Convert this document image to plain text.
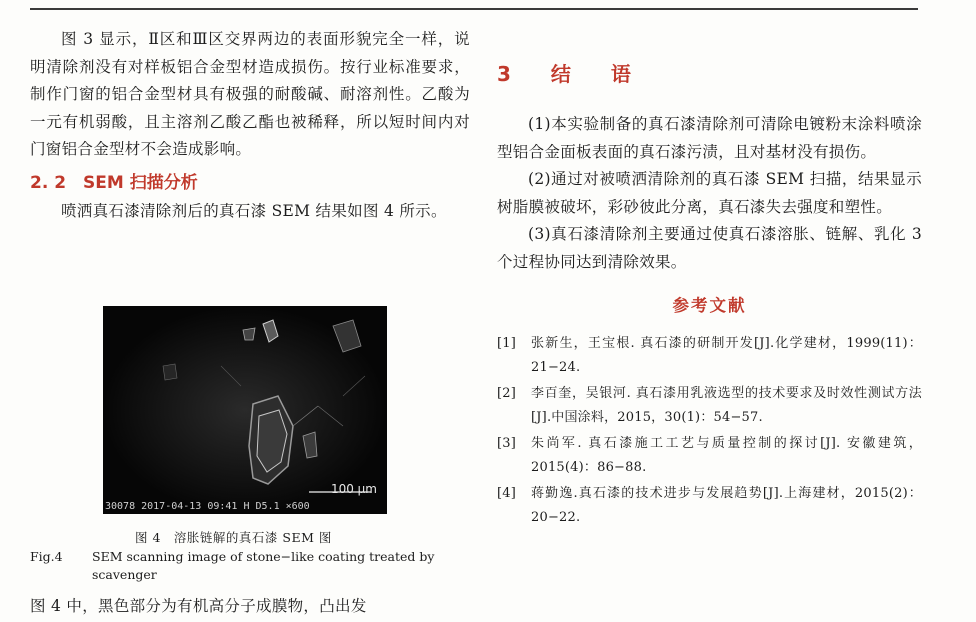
图 3 显示，Ⅱ区和Ⅲ区交界两边的表面形貌完全一样，说明清除剂没有对样板铝合金型材造成损伤。按行业标准要求，制作门窗的铝合金型材具有极强的耐酸碱、耐溶剂性。乙酸为一元有机弱酸，且主溶剂乙酸乙酯也被稀释，所以短时间内对门窗铝合金型材不会造成影响。

2. 2　SEM 扫描分析

喷洒真石漆清除剂后的真石漆 SEM 结果如图 4 所示。

100 μm
30078 2017-04-13 09:41 H D5.1 ×600
图 4　溶胀链解的真石漆 SEM 图
Fig.4 SEM scanning image of stone−like coating treated by
scavenger
图 4 中，黑色部分为有机高分子成膜物，凸出发
3　结　语

(1)本实验制备的真石漆清除剂可清除电镀粉末涂料喷涂型铝合金面板表面的真石漆污渍，且对基材没有损伤。

(2)通过对被喷洒清除剂的真石漆 SEM 扫描，结果显示树脂膜被破坏，彩砂彼此分离，真石漆失去强度和塑性。

(3)真石漆清除剂主要通过使真石漆溶胀、链解、乳化 3 个过程协同达到清除效果。

参考文献
[1]	张新生，王宝根. 真石漆的研制开发[J].化学建材，1999(11)：21−24.
[2]	李百奎，吴银河. 真石漆用乳液选型的技术要求及时效性测试方法[J].中国涂料，2015，30(1)：54−57.
[3]	朱尚军. 真石漆施工工艺与质量控制的探讨[J]. 安徽建筑，2015(4)：86−88.
[4]	蒋勤逸.真石漆的技术进步与发展趋势[J].上海建材，2015(2)：20−22.
